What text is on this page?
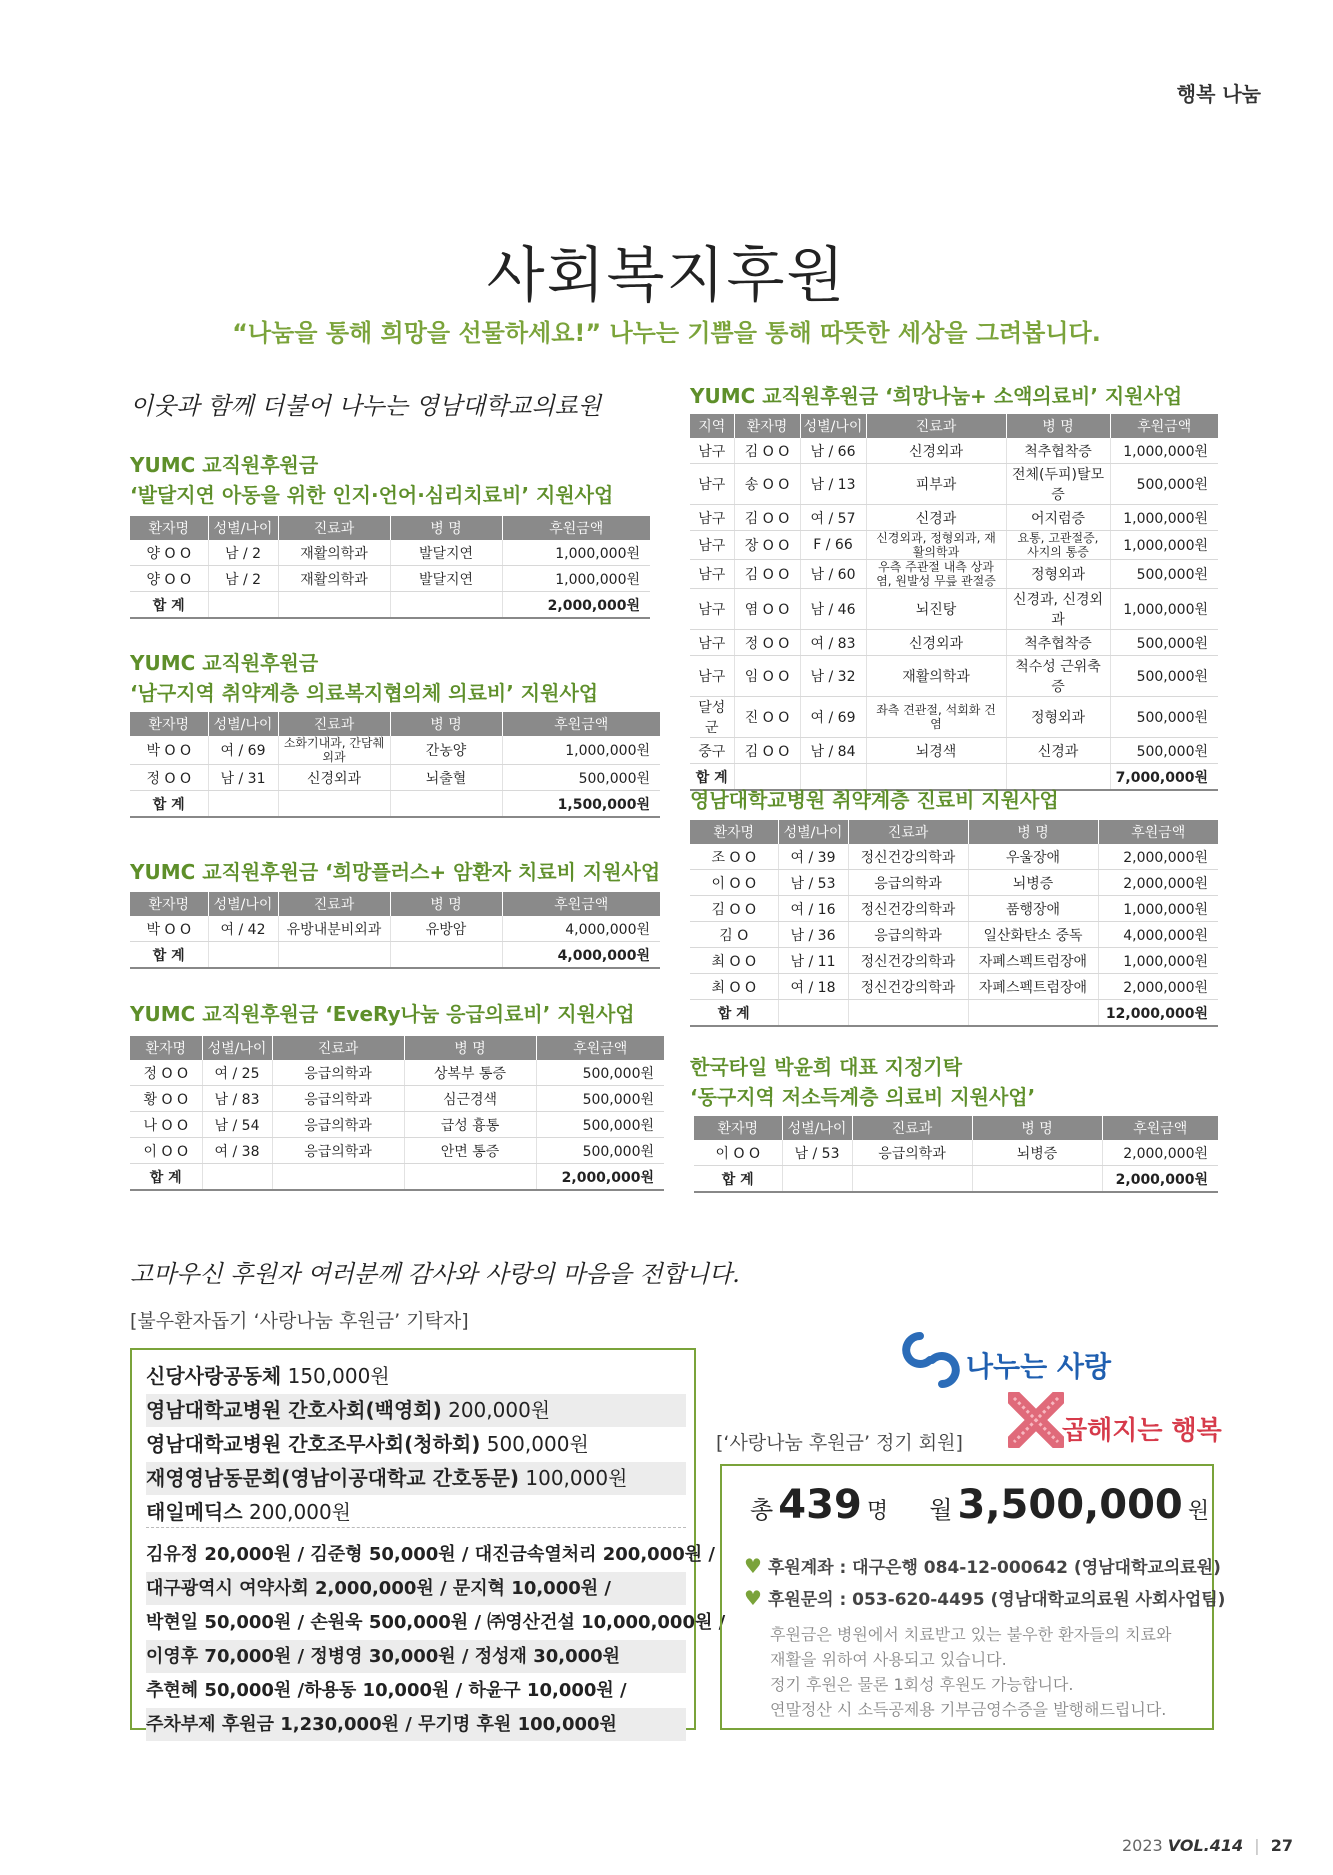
행복 나눔
사회복지후원
“나눔을 통해 희망을 선물하세요!” 나누는 기쁨을 통해 따뜻한 세상을 그려봅니다.
이웃과 함께 더불어 나누는 영남대학교의료원
YUMC 교직원후원금
‘발달지연 아동을 위한 인지·언어·심리치료비’ 지원사업
환자명	성별/나이	진료과	병 명	후원금액
양 O O	남 / 2	재활의학과	발달지연	1,000,000원
양 O O	남 / 2	재활의학과	발달지연	1,000,000원
합 계				2,000,000원
YUMC 교직원후원금
‘남구지역 취약계층 의료복지협의체 의료비’ 지원사업
환자명	성별/나이	진료과	병 명	후원금액
박 O O	여 / 69	소화기내과, 간담췌외과	간농양	1,000,000원
정 O O	남 / 31	신경외과	뇌출혈	500,000원
합 계				1,500,000원
YUMC 교직원후원금 ‘희망플러스+ 암환자 치료비 지원사업
환자명	성별/나이	진료과	병 명	후원금액
박 O O	여 / 42	유방내분비외과	유방암	4,000,000원
합 계				4,000,000원
YUMC 교직원후원금 ‘EveRy나눔 응급의료비’ 지원사업
환자명	성별/나이	진료과	병 명	후원금액
정 O O	여 / 25	응급의학과	상복부 통증	500,000원
황 O O	남 / 83	응급의학과	심근경색	500,000원
나 O O	남 / 54	응급의학과	급성 흉통	500,000원
이 O O	여 / 38	응급의학과	안면 통증	500,000원
합 계				2,000,000원
YUMC 교직원후원금 ‘희망나눔+ 소액의료비’ 지원사업
지역	환자명	성별/나이	진료과	병 명	후원금액
남구	김 O O	남 / 66	신경외과	척추협착증	1,000,000원
남구	송 O O	남 / 13	피부과	전체(두피)탈모증	500,000원
남구	김 O O	여 / 57	신경과	어지럼증	1,000,000원
남구	장 O O	F / 66	신경외과, 정형외과, 재활의학과	요통, 고관절증, 사지의 통증	1,000,000원
남구	김 O O	남 / 60	우측 주관절 내측 상과염, 원발성 무릎 관절증	정형외과	500,000원
남구	염 O O	남 / 46	뇌진탕	신경과, 신경외과	1,000,000원
남구	정 O O	여 / 83	신경외과	척추협착증	500,000원
남구	임 O O	남 / 32	재활의학과	척수성 근위축증	500,000원
달성군	진 O O	여 / 69	좌측 견관절, 석회화 건염	정형외과	500,000원
중구	김 O O	남 / 84	뇌경색	신경과	500,000원
합 계					7,000,000원
영남대학교병원 취약계층 진료비 지원사업
환자명	성별/나이	진료과	병 명	후원금액
조 O O	여 / 39	정신건강의학과	우울장애	2,000,000원
이 O O	남 / 53	응급의학과	뇌병증	2,000,000원
김 O O	여 / 16	정신건강의학과	품행장애	1,000,000원
김 O	남 / 36	응급의학과	일산화탄소 중독	4,000,000원
최 O O	남 / 11	정신건강의학과	자폐스펙트럼장애	1,000,000원
최 O O	여 / 18	정신건강의학과	자폐스펙트럼장애	2,000,000원
합 계				12,000,000원
한국타일 박윤희 대표 지정기탁
‘동구지역 저소득계층 의료비 지원사업’
환자명	성별/나이	진료과	병 명	후원금액
이 O O	남 / 53	응급의학과	뇌병증	2,000,000원
합 계				2,000,000원
고마우신 후원자 여러분께 감사와 사랑의 마음을 전합니다.
[불우환자돕기 ‘사랑나눔 후원금’ 기탁자]
신당사랑공동체 150,000원
영남대학교병원 간호사회(백영회) 200,000원
영남대학교병원 간호조무사회(청하회) 500,000원
재영영남동문회(영남이공대학교 간호동문) 100,000원
태일메딕스 200,000원
김유정 20,000원 / 김준형 50,000원 / 대진금속열처리 200,000원 /
대구광역시 여약사회 2,000,000원 / 문지혁 10,000원 /
박현일 50,000원 / 손원욱 500,000원 / ㈜영산건설 10,000,000원 /
이영후 70,000원 / 정병영 30,000원 / 정성재 30,000원
추현혜 50,000원 /하용동 10,000원 / 하윤구 10,000원 /
주차부제 후원금 1,230,000원 / 무기명 후원 100,000원
나누는 사랑
곱해지는 행복
[‘사랑나눔 후원금’ 정기 회원]
총 439 명 월 3,500,000 원
♥ 후원계좌 : 대구은행 084-12-000642 (영남대학교의료원)
♥ 후원문의 : 053-620-4495 (영남대학교의료원 사회사업팀)
후원금은 병원에서 치료받고 있는 불우한 환자들의 치료와
재활을 위하여 사용되고 있습니다.
정기 후원은 물론 1회성 후원도 가능합니다.
연말정산 시 소득공제용 기부금영수증을 발행해드립니다.
2023 VOL.414 | 27
